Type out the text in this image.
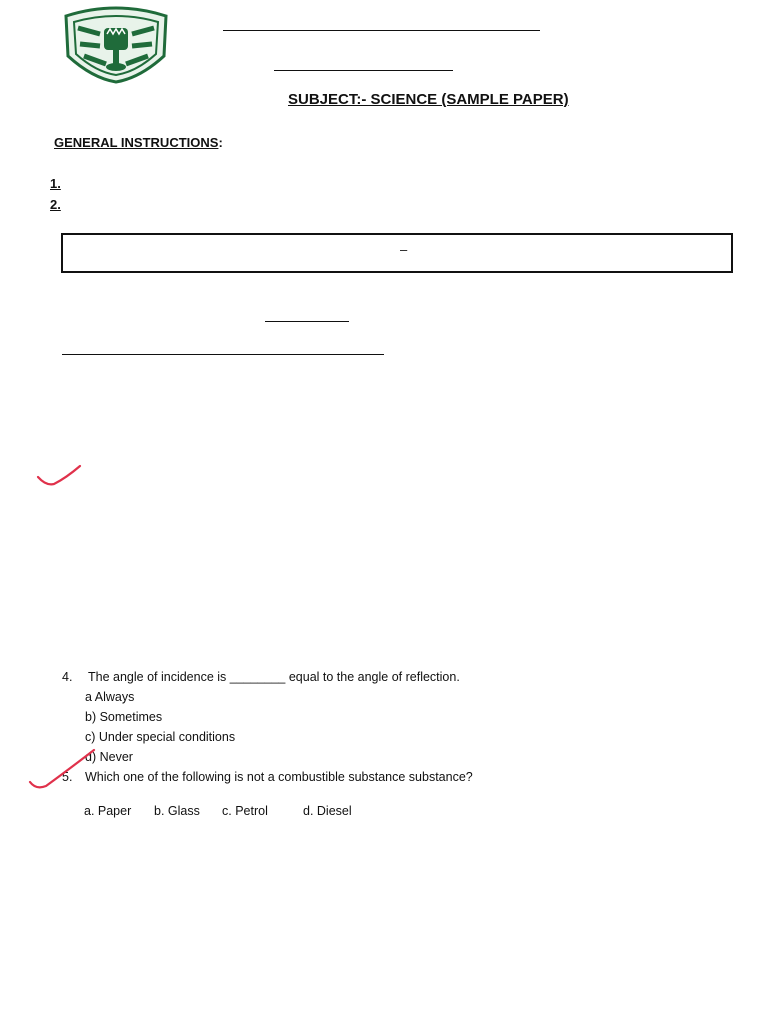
SUBJECT:- SCIENCE (SAMPLE PAPER)
GENERAL INSTRUCTIONS:
1.
2.
–
4. The angle of incidence is ________ equal to the angle of reflection.
a Always
b) Sometimes
c) Under special conditions
d) Never
5. Which one of the following is not a combustible substance substance?
a. Paper b. Glass c. Petrol	d. Diesel
